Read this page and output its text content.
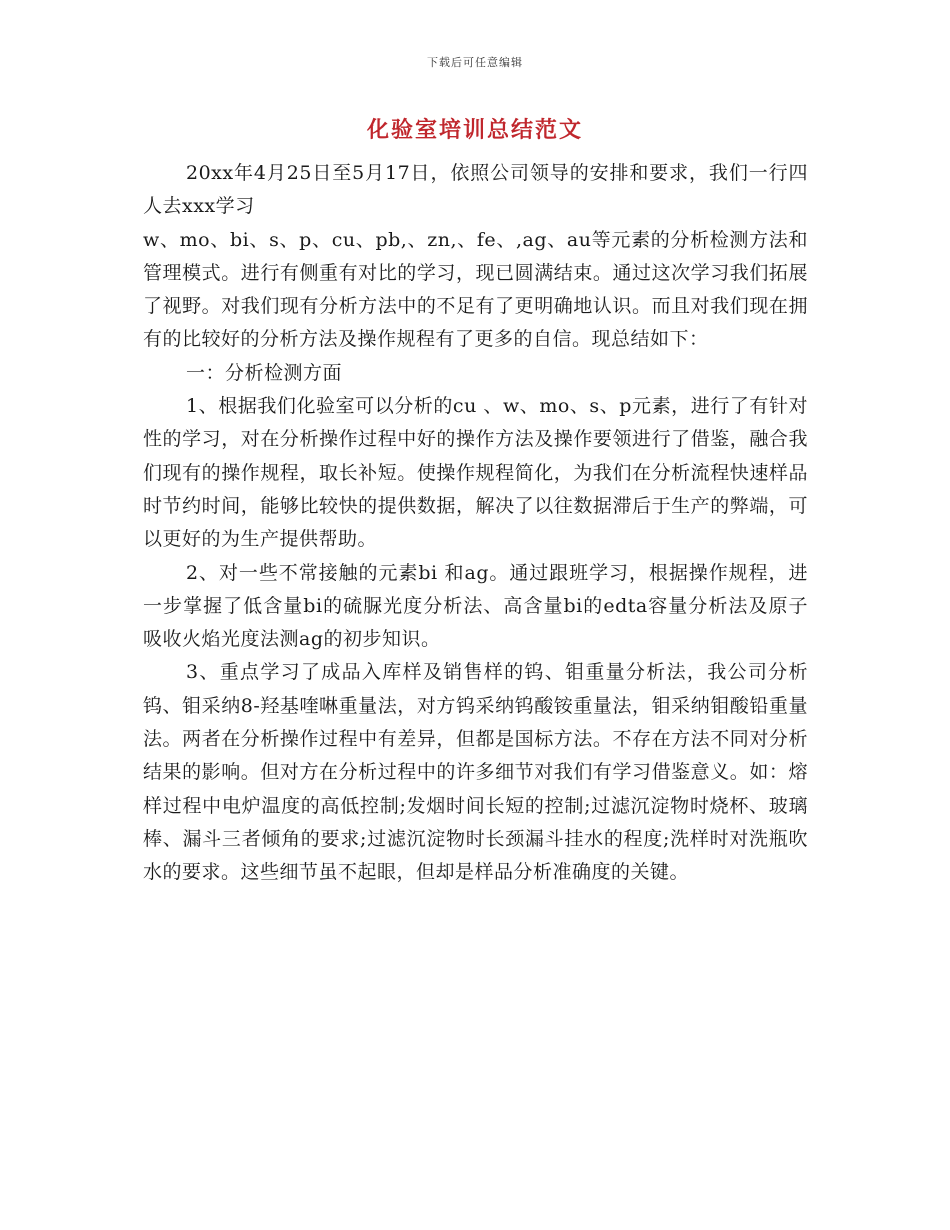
下载后可任意编辑
化验室培训总结范文

20xx年4月25日至5月17日，依照公司领导的安排和要求，我们一行四人去xxx学习

w、mo、bi、s、p、cu、pb,、zn,、fe、,ag、au等元素的分析检测方法和管理模式。进行有侧重有对比的学习，现已圆满结束。通过这次学习我们拓展了视野。对我们现有分析方法中的不足有了更明确地认识。而且对我们现在拥有的比较好的分析方法及操作规程有了更多的自信。现总结如下：

一：分析检测方面

1、根据我们化验室可以分析的cu 、w、mo、s、p元素，进行了有针对性的学习，对在分析操作过程中好的操作方法及操作要领进行了借鉴，融合我们现有的操作规程，取长补短。使操作规程简化，为我们在分析流程快速样品时节约时间，能够比较快的提供数据，解决了以往数据滞后于生产的弊端，可以更好的为生产提供帮助。

2、对一些不常接触的元素bi 和ag。通过跟班学习，根据操作规程，进一步掌握了低含量bi的硫脲光度分析法、高含量bi的edta容量分析法及原子吸收火焰光度法测ag的初步知识。

3、重点学习了成品入库样及销售样的钨、钼重量分析法，我公司分析钨、钼采纳8-羟基喹啉重量法，对方钨采纳钨酸铵重量法，钼采纳钼酸铅重量法。两者在分析操作过程中有差异，但都是国标方法。不存在方法不同对分析结果的影响。但对方在分析过程中的许多细节对我们有学习借鉴意义。如：熔样过程中电炉温度的高低控制;发烟时间长短的控制;过滤沉淀物时烧杯、玻璃棒、漏斗三者倾角的要求;过滤沉淀物时长颈漏斗挂水的程度;洗样时对洗瓶吹水的要求。这些细节虽不起眼，但却是样品分析准确度的关键。
